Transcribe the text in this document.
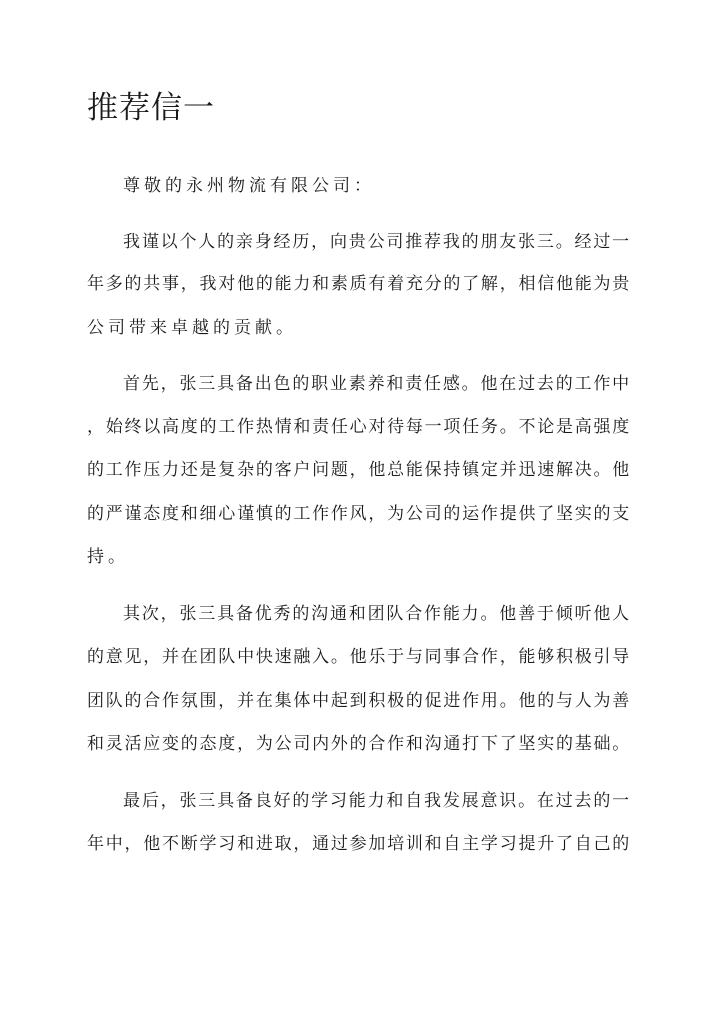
推荐信一

尊敬的永州物流有限公司：

我谨以个人的亲身经历，向贵公司推荐我的朋友张三。经过一

年多的共事，我对他的能力和素质有着充分的了解，相信他能为贵

公司带来卓越的贡献。

首先，张三具备出色的职业素养和责任感。他在过去的工作中

，始终以高度的工作热情和责任心对待每一项任务。不论是高强度

的工作压力还是复杂的客户问题，他总能保持镇定并迅速解决。他

的严谨态度和细心谨慎的工作作风，为公司的运作提供了坚实的支

持。

其次，张三具备优秀的沟通和团队合作能力。他善于倾听他人

的意见，并在团队中快速融入。他乐于与同事合作，能够积极引导

团队的合作氛围，并在集体中起到积极的促进作用。他的与人为善

和灵活应变的态度，为公司内外的合作和沟通打下了坚实的基础。

最后，张三具备良好的学习能力和自我发展意识。在过去的一

年中，他不断学习和进取，通过参加培训和自主学习提升了自己的
